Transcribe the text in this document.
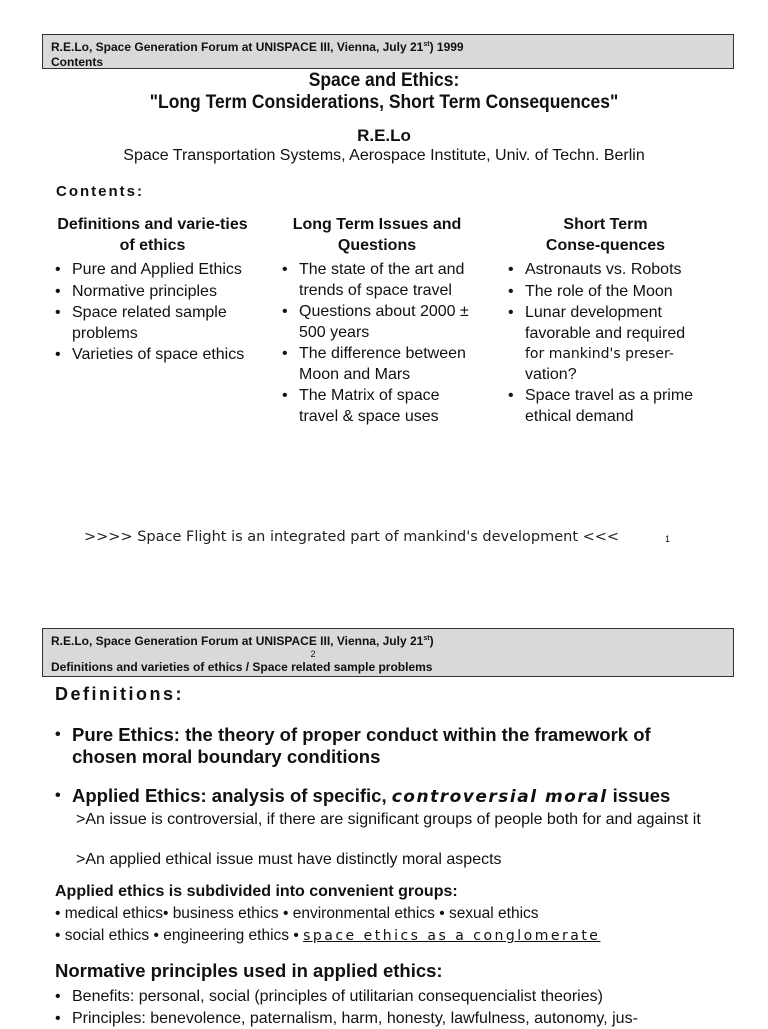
R.E.Lo, Space Generation Forum at UNISPACE III, Vienna, July 21st) 1999
Contents
Space and Ethics:
"Long Term Considerations, Short Term Consequences"
R.E.Lo
Space Transportation Systems, Aerospace Institute, Univ. of Techn. Berlin
Contents:
Definitions and varie-ties of ethics
• Pure and Applied Ethics
• Normative principles
• Space related sample problems
• Varieties of space ethics
Long Term Issues and Questions
• The state of the art and trends of space travel
• Questions about 2000 ± 500 years
• The difference between Moon and Mars
• The Matrix of space travel & space uses
Short Term Conse-quences
• Astronauts vs. Robots
• The role of the Moon
• Lunar development favorable and required
for mankind's preser-
vation?
• Space travel as a prime ethical demand
>>>> Space Flight is an integrated part of mankind's development <<<	1
R.E.Lo, Space Generation Forum at UNISPACE III, Vienna, July 21st)
2
Definitions and varieties of ethics / Space related sample problems
Definitions:
• Pure Ethics: the theory of proper conduct within the framework of chosen moral boundary conditions
• Applied Ethics: analysis of specific, controversial moral issues
>An issue is controversial, if there are significant groups of people both for and against it
>An applied ethical issue must have distinctly moral aspects
Applied ethics is subdivided into convenient groups:
• medical ethics• business ethics • environmental ethics • sexual ethics
• social ethics • engineering ethics • space ethics as a conglomerate
Normative principles used in applied ethics:
• Benefits: personal, social (principles of utilitarian consequencialist theories)
• Principles: benevolence, paternalism, harm, honesty, lawfulness, autonomy, jus-
